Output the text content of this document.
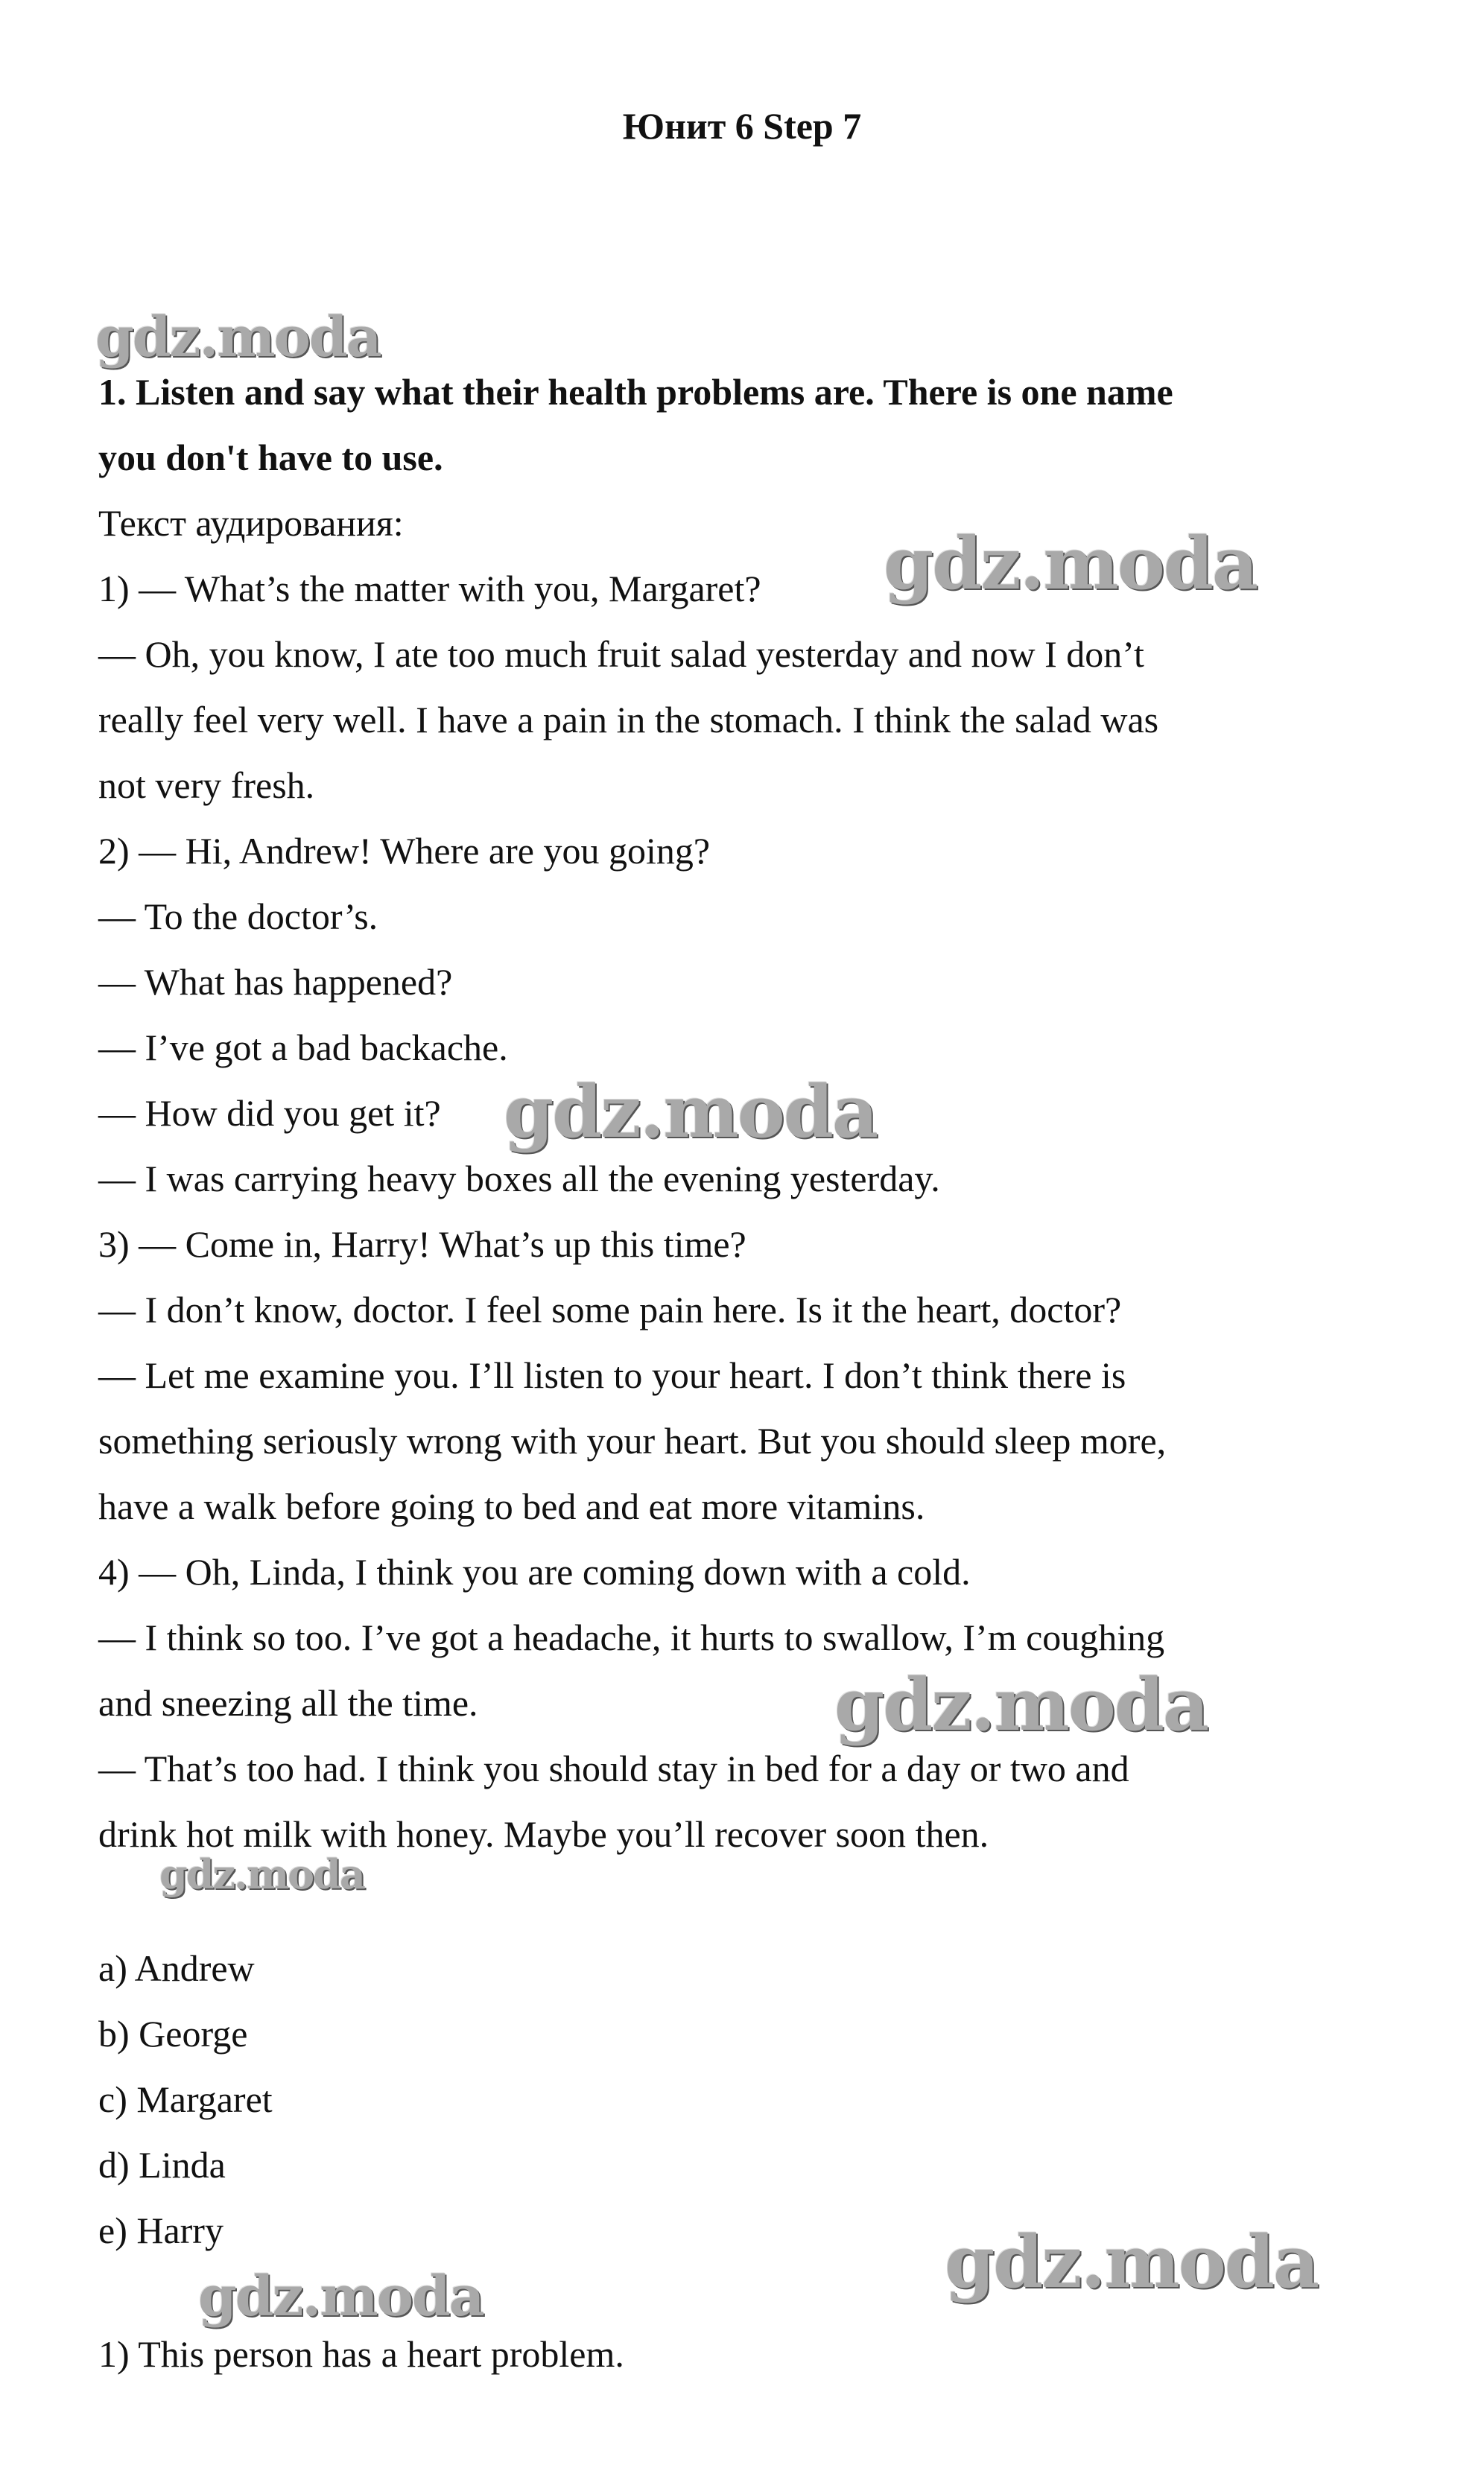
Юнит 6 Step 7

1. Listen and say what their health problems are. There is one name

you don't have to use.

Текст аудирования:

1) — What’s the matter with you, Margaret?

— Oh, you know, I ate too much fruit salad yesterday and now I don’t

really feel very well. I have a pain in the stomach. I think the salad was

not very fresh.

2) — Hi, Andrew! Where are you going?

— To the doctor’s.

— What has happened?

— I’ve got a bad backache.

— How did you get it?

— I was carrying heavy boxes all the evening yesterday.

3) — Come in, Harry! What’s up this time?

— I don’t know, doctor. I feel some pain here. Is it the heart, doctor?

— Let me examine you. I’ll listen to your heart. I don’t think there is

something seriously wrong with your heart. But you should sleep more,

have a walk before going to bed and eat more vitamins.

4) — Oh, Linda, I think you are coming down with a cold.

— I think so too. I’ve got a headache, it hurts to swallow, I’m coughing

and sneezing all the time.

— That’s too had. I think you should stay in bed for a day or two and

drink hot milk with honey. Maybe you’ll recover soon then.

a) Andrew

b) George

c) Margaret

d) Linda

e) Harry

1) This person has a heart problem.
gdz.moda
gdz.moda
gdz.moda
gdz.moda
gdz.moda
gdz.moda
gdz.moda
